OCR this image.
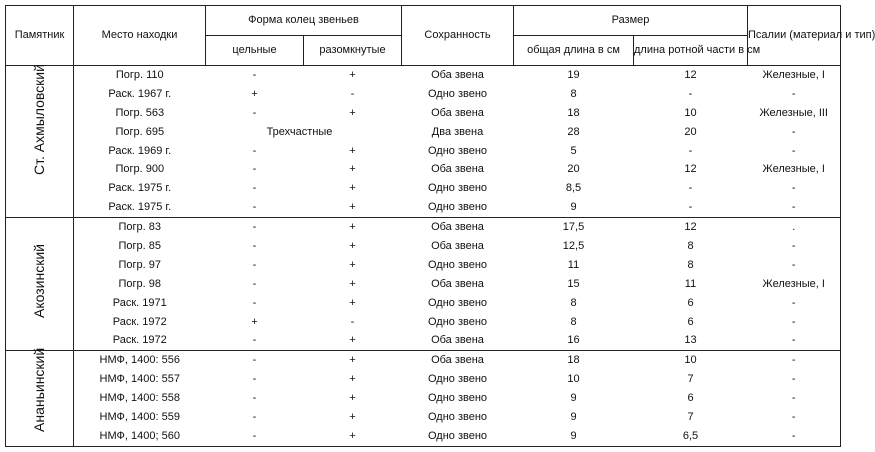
Памятник	Место находки	Форма колец звеньев		Сохранность	Размер		Псалии (материал и тип)
		цельные	разомкнутые		общая длина в см	длина ротной части в см	

Ст. Ахмыловский	Погр. 110	-	+	Оба звена	19	12	Железные, I
	Раск. 1967 г.	+	-	Одно звено	8	-	-
	Погр. 563	-	+	Оба звена	18	10	Железные, III
	Погр. 695	Трехчастные		Два звена	28	20	-
	Раск. 1969 г.	-	+	Одно звено	5	-	-
	Погр. 900	-	+	Оба звена	20	12	Железные, I
	Раск. 1975 г.	-	+	Одно звено	8,5	-	-
	Раск. 1975 г.	-	+	Одно звено	9	-	-

Акозинский	Погр. 83	-	+	Оба звена	17,5	12	.
	Погр. 85	-	+	Оба звена	12,5	8	-
	Погр. 97	-	+	Одно звено	11	8	-
	Погр. 98	-	+	Оба звена	15	11	Железные, I
	Раск. 1971	-	+	Одно звено	8	6	-
	Раск. 1972	+	-	Одно звено	8	6	-
	Раск. 1972	-	+	Оба звена	16	13	-

Ананьинский	НМФ, 1400: 556	-	+	Оба звена	18	10	-
	НМФ, 1400: 557	-	+	Одно звено	10	7	-
	НМФ, 1400: 558	-	+	Одно звено	9	6	-
	НМФ, 1400: 559	-	+	Одно звено	9	7	-
	НМФ, 1400; 560	-	+	Одно звено	9	6,5	-
